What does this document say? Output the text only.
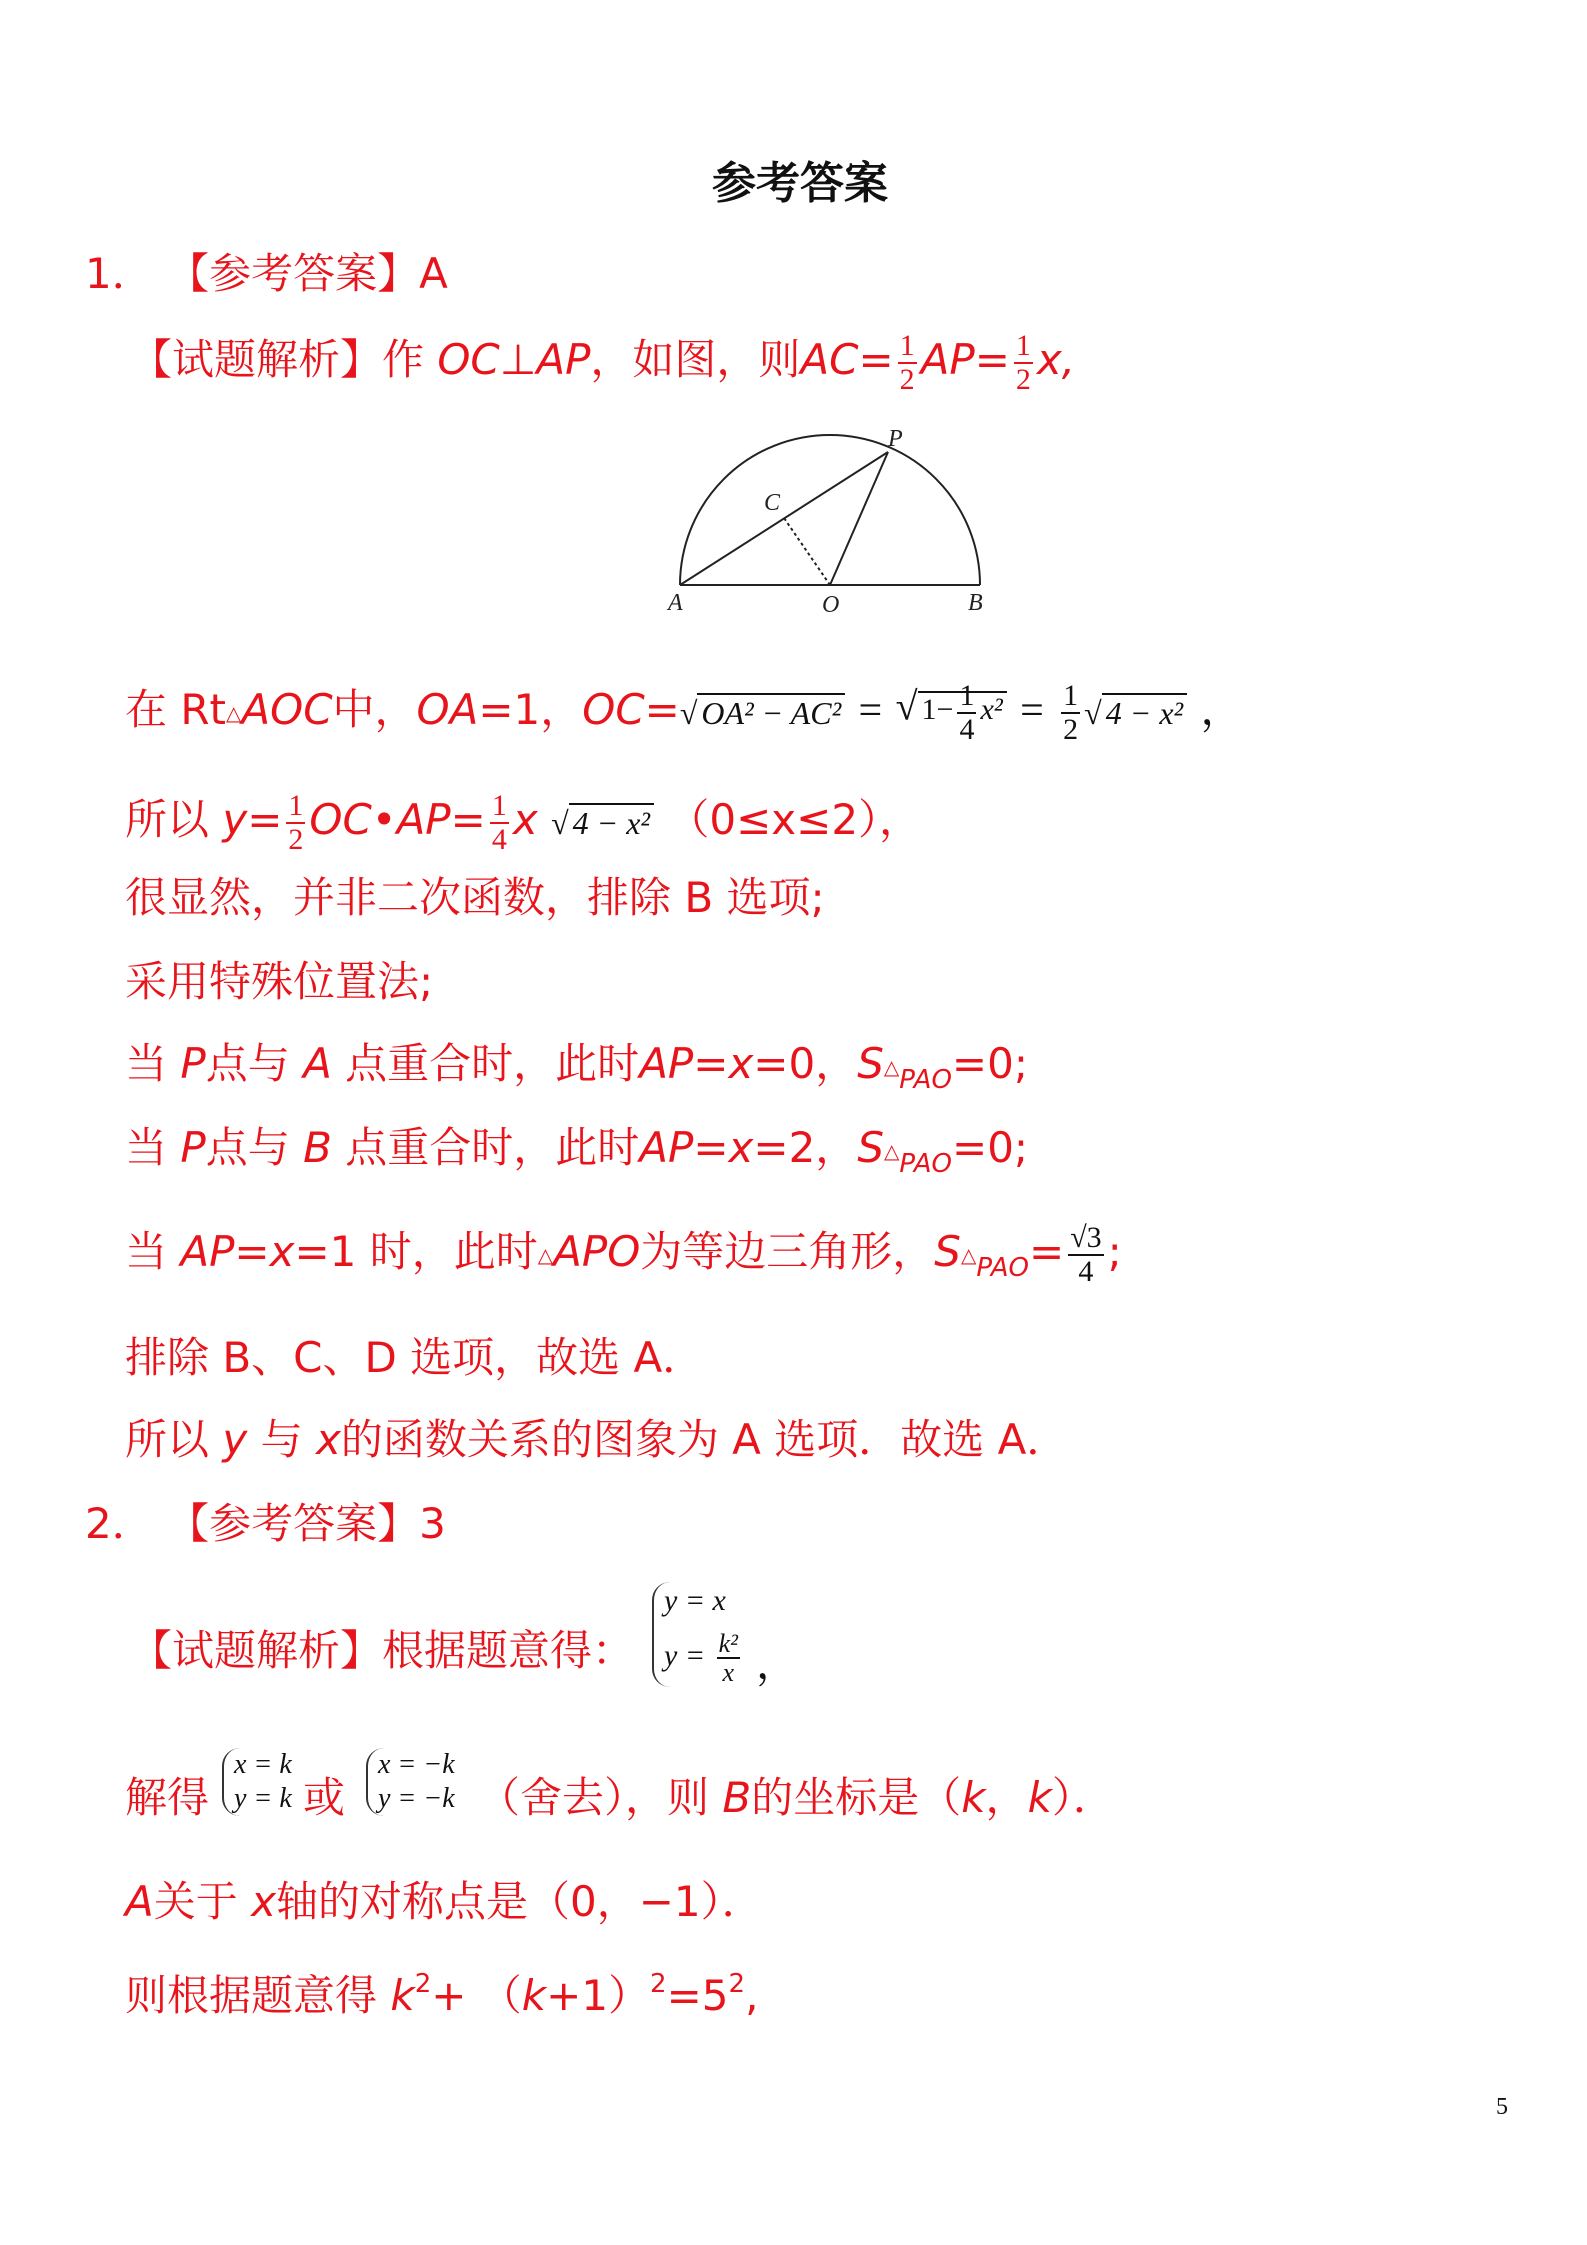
参考答案
1． 【参考答案】A
【试题解析】作 OC⊥AP，如图，则$AC= \frac{1}{2} AP= \frac{1}{2} x$,
P
C
A	O	B
在 Rt△AOC中，OA=1，OC=√ OA² − AC² = √ $1- \frac{1}{4} x^2 = \frac{1}{2}$ √ 4 − x² ，
所以 $y= \frac{1}{2}$ OC•AP= $\frac{1}{4}$ x √ 4 − x² （0≤x≤2），
很显然，并非二次函数，排除 B 选项;
采用特殊位置法;
当 P点与 A 点重合时，此时AP=x=0，$S\triangle_{PAO}=0$;
当 P点与 B 点重合时，此时AP=x=2，$S\triangle_{PAO}=0$;
当 AP=x=1 时，此时△APO为等边三角形，$S\triangle_{PAO}= \frac{√3}{4}$ ;
排除 B、C、D 选项，故选 A．
所以 y 与 x的函数关系的图象为 A 选项．故选 A．
2． 【参考答案】3
【试题解析】根据题意得：
y = x
$y = \frac{\text{k²}}{x}$ ，
解得
x = k
y = k 或
x = −k
y = −k （舍去），则 B的坐标是（k，k）．
A关于 x轴的对称点是（0，−1）．
则根据题意得 $k^2+ (k+1)^2=5^2$,
5
